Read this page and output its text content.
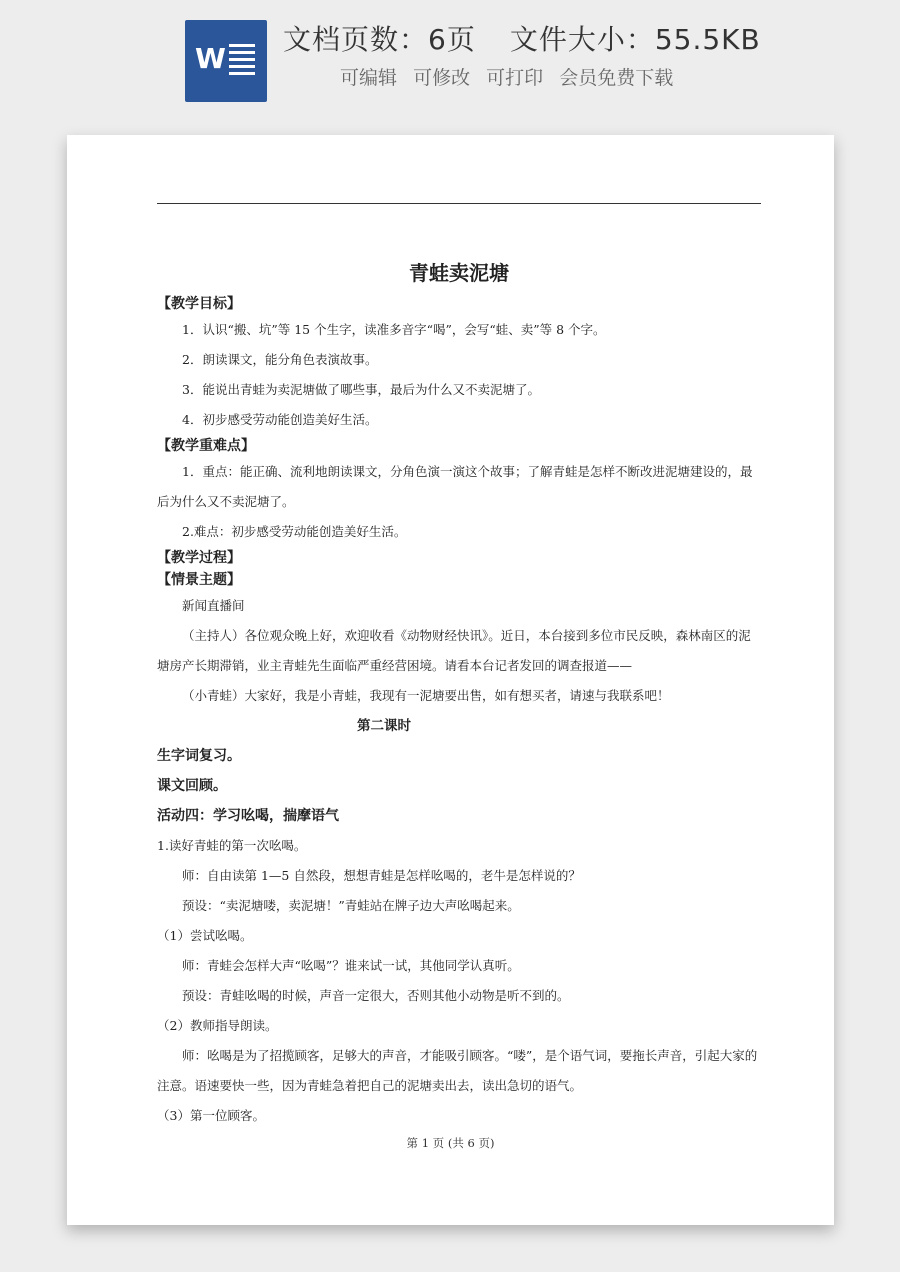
W
文档页数：6页 文件大小：55.5KB
可编辑 可修改 可打印 会员免费下载

青蛙卖泥塘

【教学目标】

1．认识“搬、坑”等 15 个生字，读准多音字“喝”，会写“蛙、卖”等 8 个字。

2．朗读课文，能分角色表演故事。

3．能说出青蛙为卖泥塘做了哪些事，最后为什么又不卖泥塘了。

4．初步感受劳动能创造美好生活。

【教学重难点】

1．重点：能正确、流利地朗读课文，分角色演一演这个故事；了解青蛙是怎样不断改进泥塘建设的，最后为什么又不卖泥塘了。

2.难点：初步感受劳动能创造美好生活。

【教学过程】

【情景主题】

新闻直播间

（主持人）各位观众晚上好，欢迎收看《动物财经快讯》。近日，本台接到多位市民反映，森林南区的泥塘房产长期滞销，业主青蛙先生面临严重经营困境。请看本台记者发回的调查报道——

（小青蛙）大家好，我是小青蛙，我现有一泥塘要出售，如有想买者，请速与我联系吧！

第二课时

生字词复习。

课文回顾。

活动四：学习吆喝，揣摩语气

1.读好青蛙的第一次吆喝。

师：自由读第 1—5 自然段，想想青蛙是怎样吆喝的，老牛是怎样说的？

预设：“卖泥塘喽，卖泥塘！”青蛙站在牌子边大声吆喝起来。

（1）尝试吆喝。

师：青蛙会怎样大声“吆喝”？谁来试一试，其他同学认真听。

预设：青蛙吆喝的时候，声音一定很大，否则其他小动物是听不到的。

（2）教师指导朗读。

师：吆喝是为了招揽顾客，足够大的声音，才能吸引顾客。“喽”，是个语气词，要拖长声音，引起大家的注意。语速要快一些，因为青蛙急着把自己的泥塘卖出去，读出急切的语气。

（3）第一位顾客。

第 1 页 (共 6 页)
